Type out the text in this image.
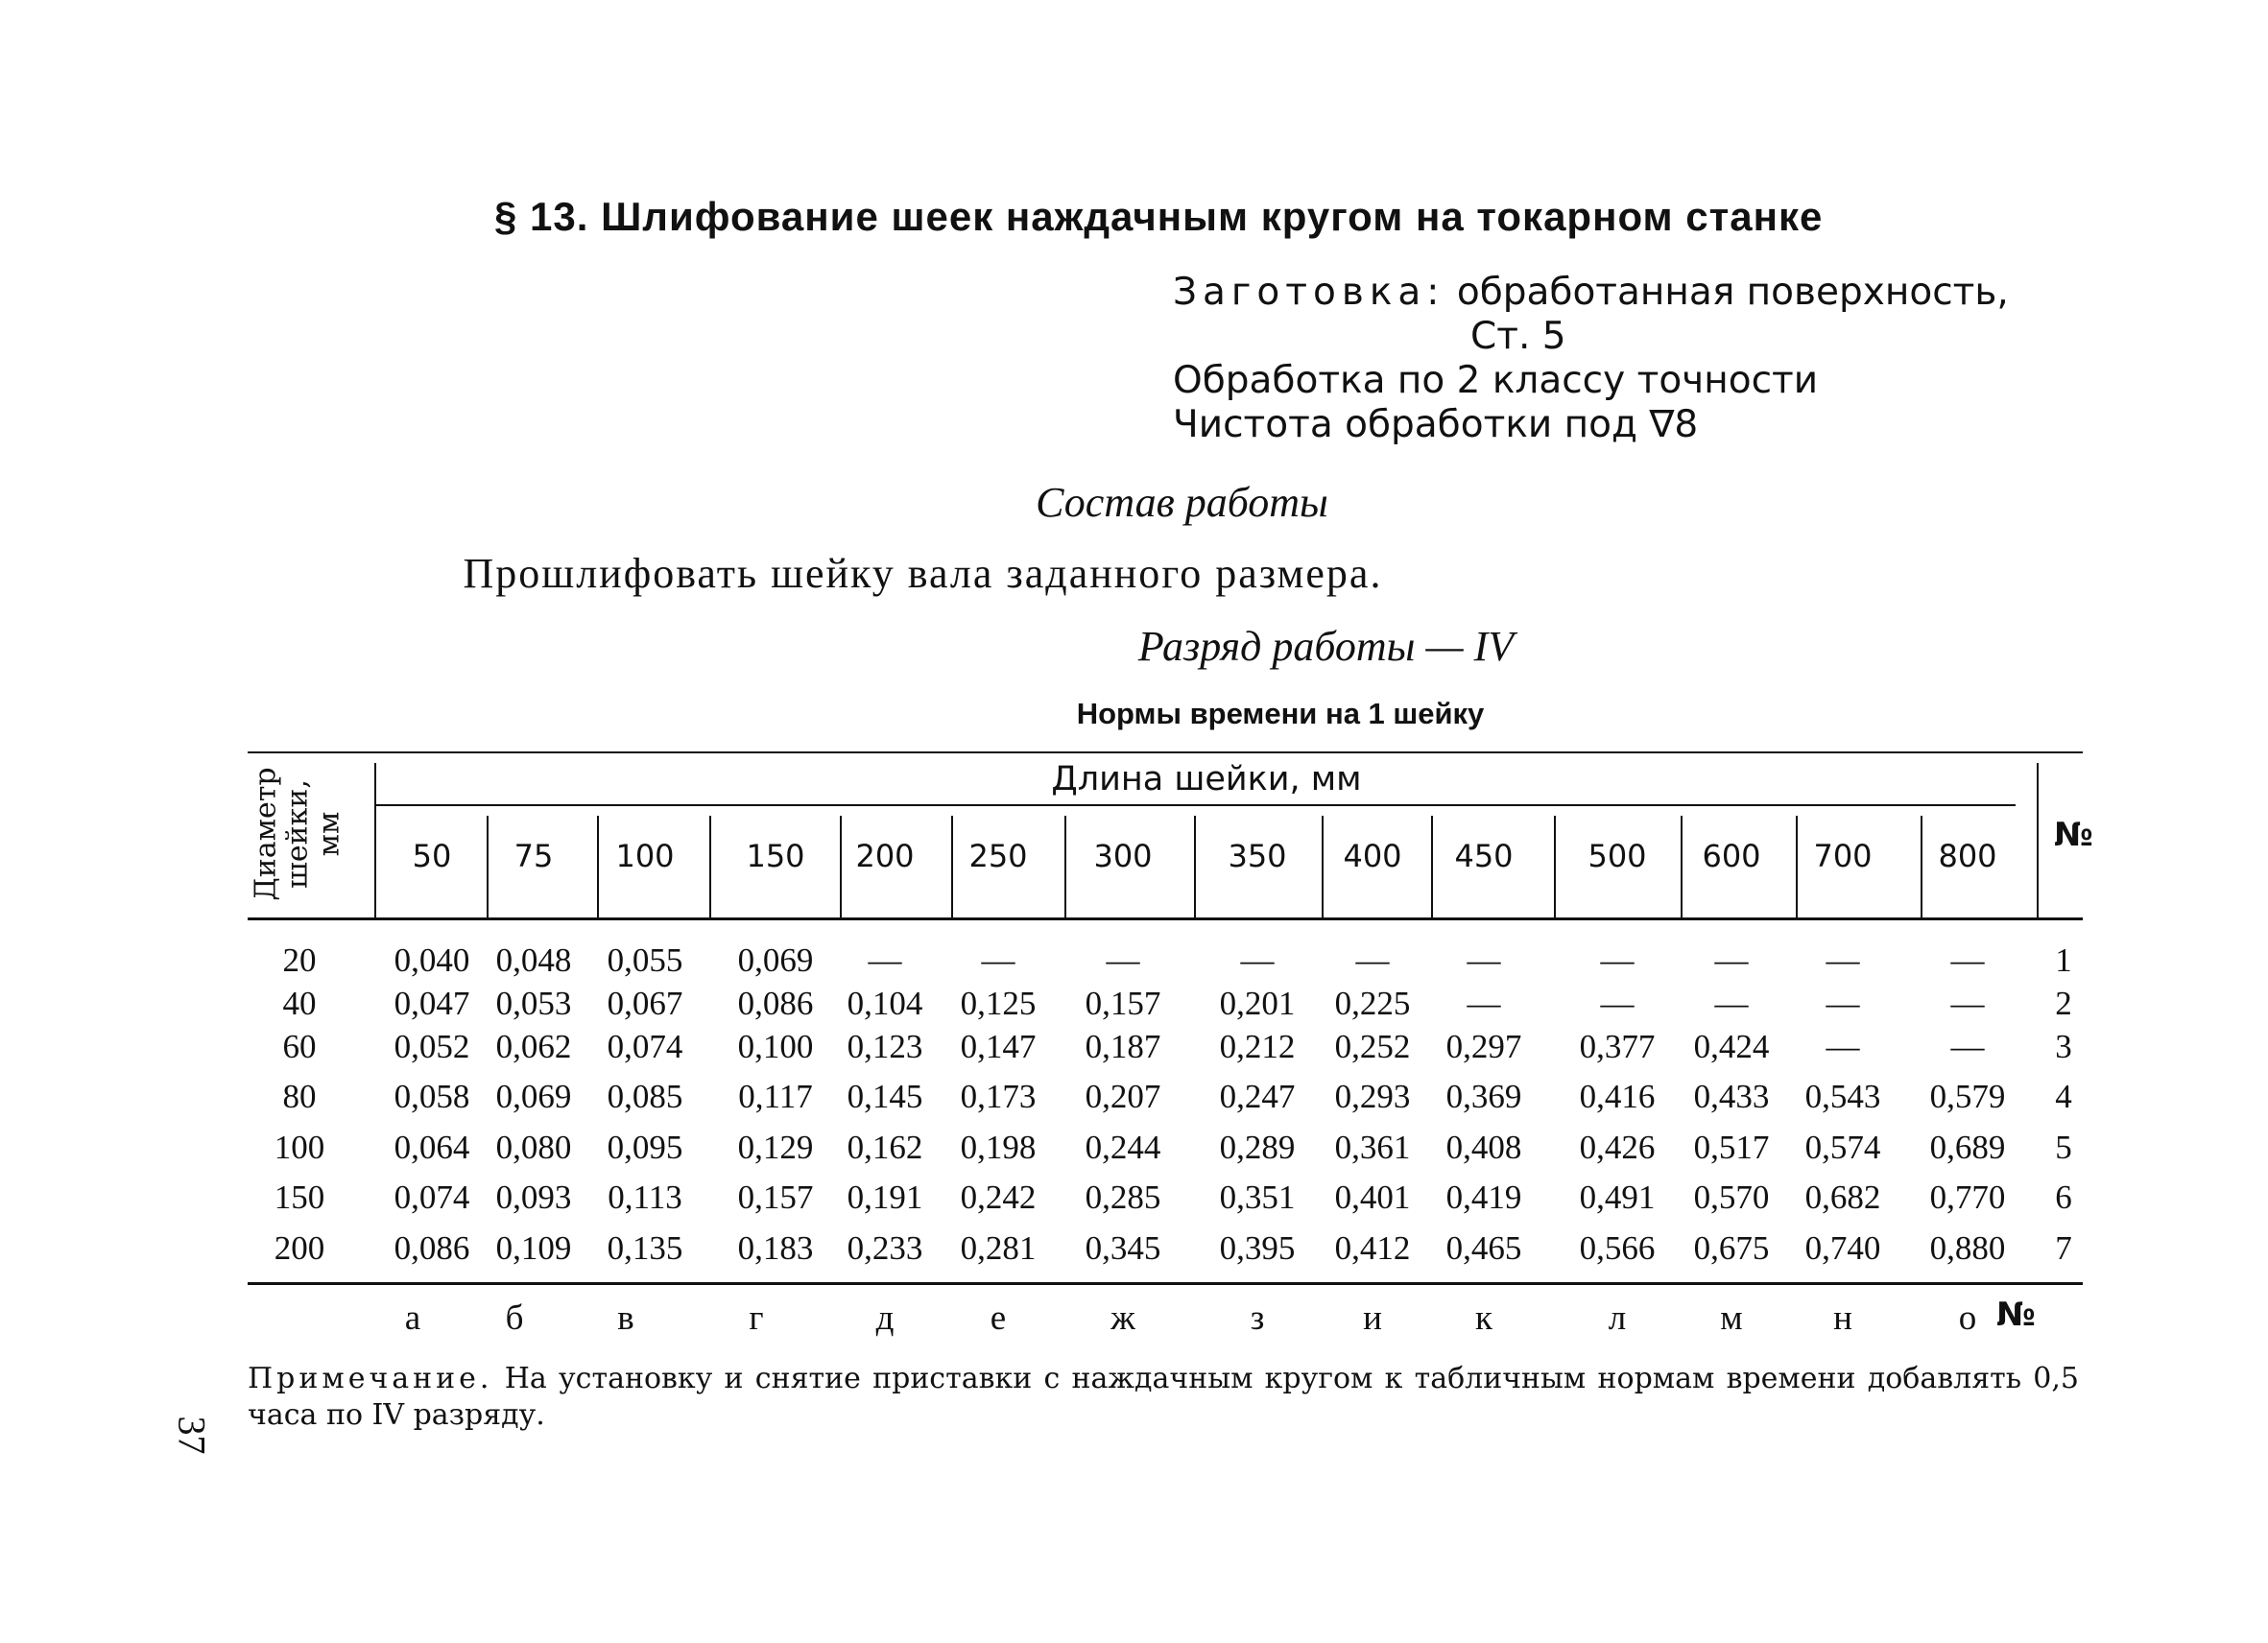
§ 13. Шлифование шеек наждачным кругом на токарном станке
Заготовка: обработанная поверхность,
Ст. 5
Обработка по 2 классу точности
Чистота обработки под ∇8
Состав работы
Прошлифовать шейку вала заданного размера.
Разряд работы — IV
Нормы времени на 1 шейку
Диаметр
шейки,
мм
Длина шейки, мм
№
50 75 100 150 200 250 300 350 400 450 500 600 700 800
20 0,040 0,048 0,055 0,069 — —	—	— — —	— — —	— 1
40 0,047 0,053 0,067 0,086 0,104 0,125 0,157 0,201 0,225 —	— — —	— 2
60 0,052 0,062 0,074 0,100 0,123 0,147 0,187 0,212 0,252 0,297 0,377 0,424 —	— 3
80 0,058 0,069 0,085 0,117 0,145 0,173 0,207 0,247 0,293 0,369 0,416 0,433 0,543 0,579 4
100 0,064 0,080 0,095 0,129 0,162 0,198 0,244 0,289 0,361 0,408 0,426 0,517 0,574 0,689 5
150 0,074 0,093 0,113 0,157 0,191 0,242 0,285 0,351 0,401 0,419 0,491 0,570 0,682 0,770 6
200 0,086 0,109 0,135 0,183 0,233 0,281 0,345 0,395 0,412 0,465 0,566 0,675 0,740 0,880 7
а б	в	г	д	е	ж	з	и	к	л	м	н	о №
Примечание. На установку и снятие приставки с наждачным кругом к табличным нормам времени добавлять 0,5 часа по IV разряду.
37
